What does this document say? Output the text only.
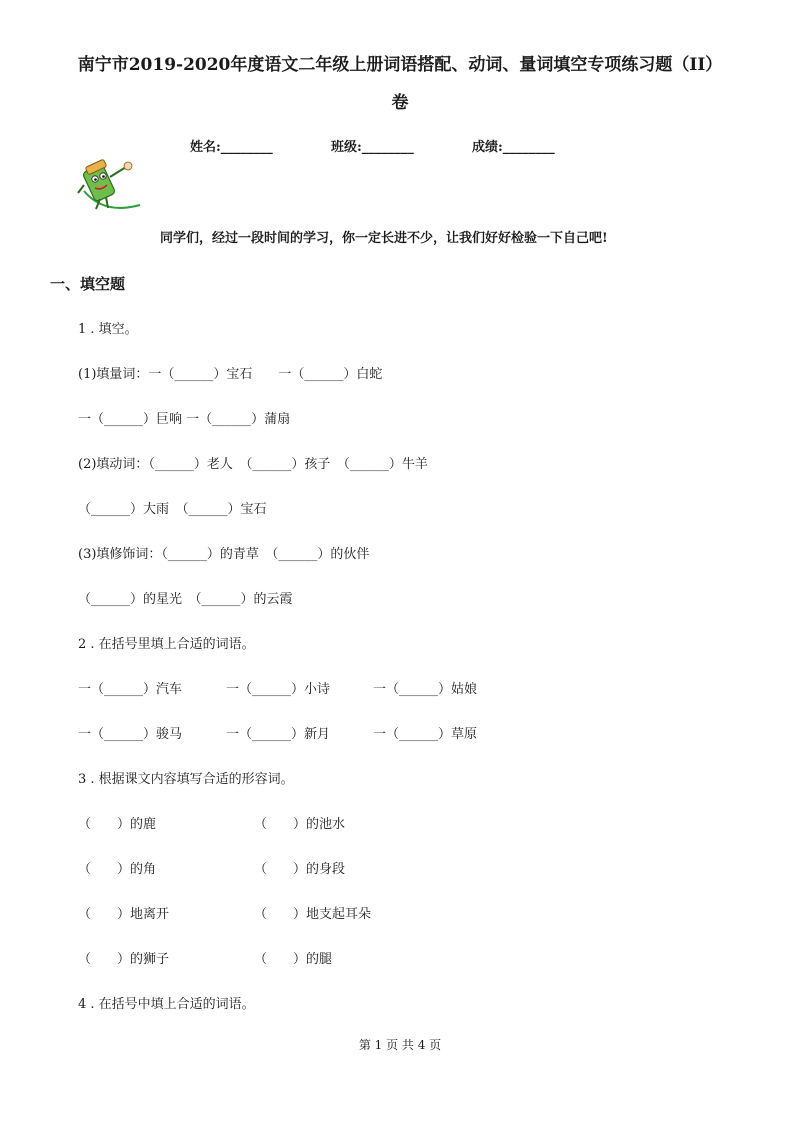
南宁市2019-2020年度语文二年级上册词语搭配、动词、量词填空专项练习题（II）
卷
姓名:________	班级:________	成绩:________
同学们，经过一段时间的学习，你一定长进不少，让我们好好检验一下自己吧!
一、填空题
1 . 填空。
(1)填量词：一（______）宝石　　一（______）白蛇
一（______）巨响 一（______）蒲扇
(2)填动词：（______）老人　（______）孩子　（______）牛羊
（______）大雨　（______）宝石
(3)填修饰词：（______）的青草　（______）的伙伴
（______）的星光　（______）的云霞
2 . 在括号里填上合适的词语。
一（______）汽车	一（______）小诗	一（______）姑娘
一（______）骏马	一（______）新月	一（______）草原
3 . 根据课文内容填写合适的形容词。
（　　）的鹿	（　　）的池水
（　　）的角	（　　）的身段
（　　）地离开	（　　）地支起耳朵
（　　）的狮子	（　　）的腿
4 . 在括号中填上合适的词语。
第 1 页 共 4 页
